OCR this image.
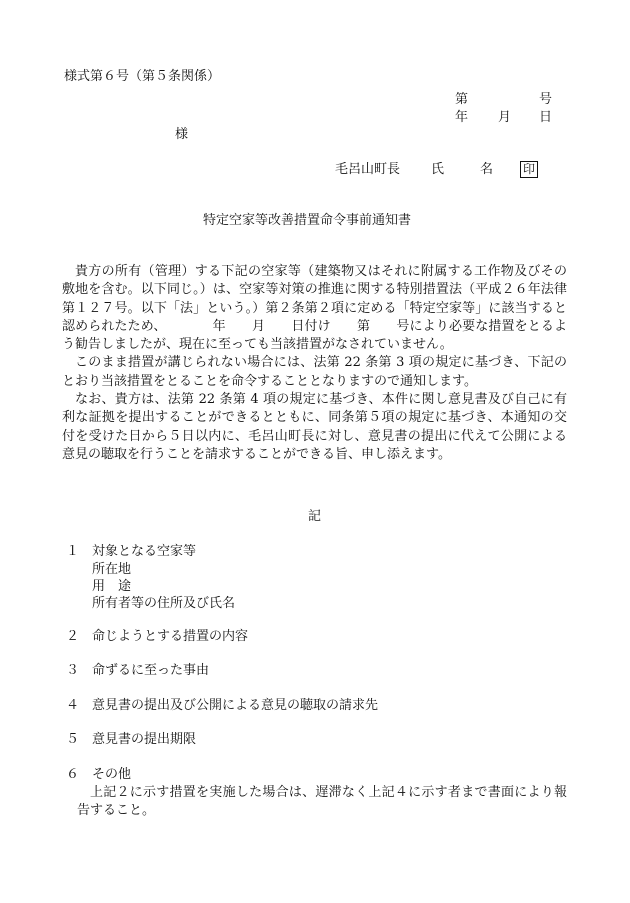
様式第６号（第５条関係）
第	号
年 月 日
様
毛呂山町長 氏	名 印
特定空家等改善措置命令事前通知書

貴方の所有（管理）する下記の空家等（建築物又はそれに附属する工作物及びその敷地を含む。以下同じ。）は、空家等対策の推進に関する特別措置法（平成２６年法律第１２７号。以下「法」という。）第２条第２項に定める「特定空家等」に該当すると認められたため、　　　　年　　月　　日付け　　第　　号により必要な措置をとるよう勧告しましたが、現在に至っても当該措置がなされていません。

このまま措置が講じられない場合には、法第 22 条第 3 項の規定に基づき、下記のとおり当該措置をとることを命令することとなりますので通知します。

なお、貴方は、法第 22 条第 4 項の規定に基づき、本件に関し意見書及び自己に有利な証拠を提出することができるとともに、同条第５項の規定に基づき、本通知の交付を受けた日から５日以内に、毛呂山町長に対し、意見書の提出に代えて公開による意見の聴取を行うことを請求することができる旨、申し添えます。

記
１ 対象となる空家等
所在地
用　途
所有者等の住所及び氏名
２ 命じようとする措置の内容
３ 命ずるに至った事由
４ 意見書の提出及び公開による意見の聴取の請求先
５ 意見書の提出期限
６ その他

上記２に示す措置を実施した場合は、遅滞なく上記４に示す者まで書面により報告すること。
